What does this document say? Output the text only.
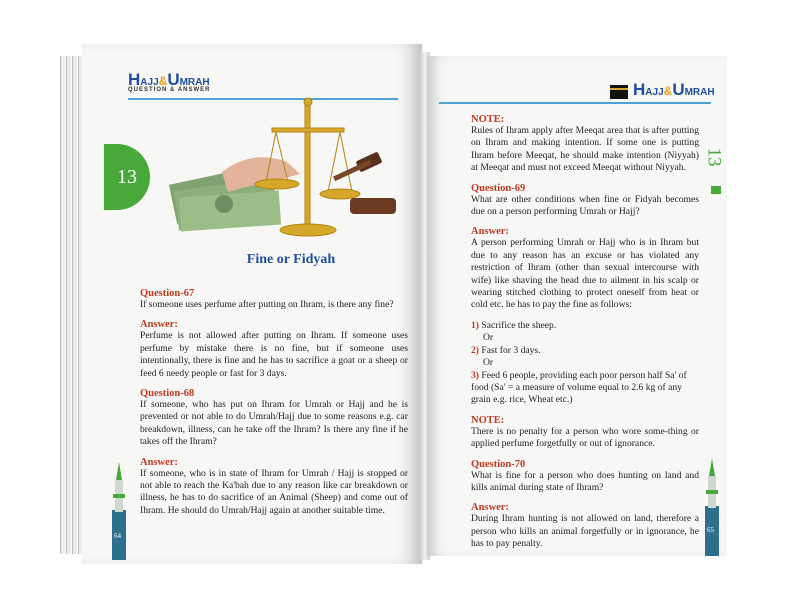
HAJJ&UMRAH
QUESTION & ANSWER
13
Fine or Fidyah

Question-67

If someone uses perfume after putting on Ihram, is there any fine?

Answer:

Perfume is not allowed after putting on Ihram. If someone uses perfume by mistake there is no fine, but if someone uses intentionally, there is fine and he has to sacrifice a goat or a sheep or feed 6 needy people or fast for 3 days.

Question-68

If someone, who has put on Ihram for Umrah or Hajj and he is prevented or not able to do Umrah/Hajj due to some reasons e.g. car breakdown, illness, can he take off the Ihram? Is there any fine if he takes off the Ihram?

Answer:

If someone, who is in state of Ihram for Umrah / Hajj is stopped or not able to reach the Ka'bah due to any reason like car breakdown or illness, he has to do sacrifice of an Animal (Sheep) and come out of Ihram. He should do Umrah/Hajj again at another suitable time.

64
HAJJ&UMRAH
13

NOTE:

Rules of Ihram apply after Meeqat area that is after putting on Ihram and making intention. If some one is putting Ihram before Meeqat, he should make intention (Niyyah) at Meeqat and must not exceed Meeqat without Niyyah.

Question-69

What are other conditions when fine or Fidyah becomes due on a person performing Umrah or Hajj?

Answer:

A person performing Umrah or Hajj who is in Ihram but due to any reason has an excuse or has violated any restriction of Ihram (other than sexual intercourse with wife) like shaving the head due to ailment in his scalp or wearing stitched clothing to protect oneself from heat or cold etc. he has to pay the fine as follows:

1) Sacrifice the sheep.

Or

2) Fast for 3 days.

Or

3) Feed 6 people, providing each poor person half Sa' of food (Sa' = a measure of volume equal to 2.6 kg of any grain e.g. rice, Wheat etc.)

NOTE:

There is no penalty for a person who wore some-thing or applied perfume forgetfully or out of ignorance.

Question-70

What is fine for a person who does hunting on land and kills animal during state of Ihram?

Answer:

During Ihram hunting is not allowed on land, therefore a person who kills an animal forgetfully or in ignorance, he has to pay penalty.

65
